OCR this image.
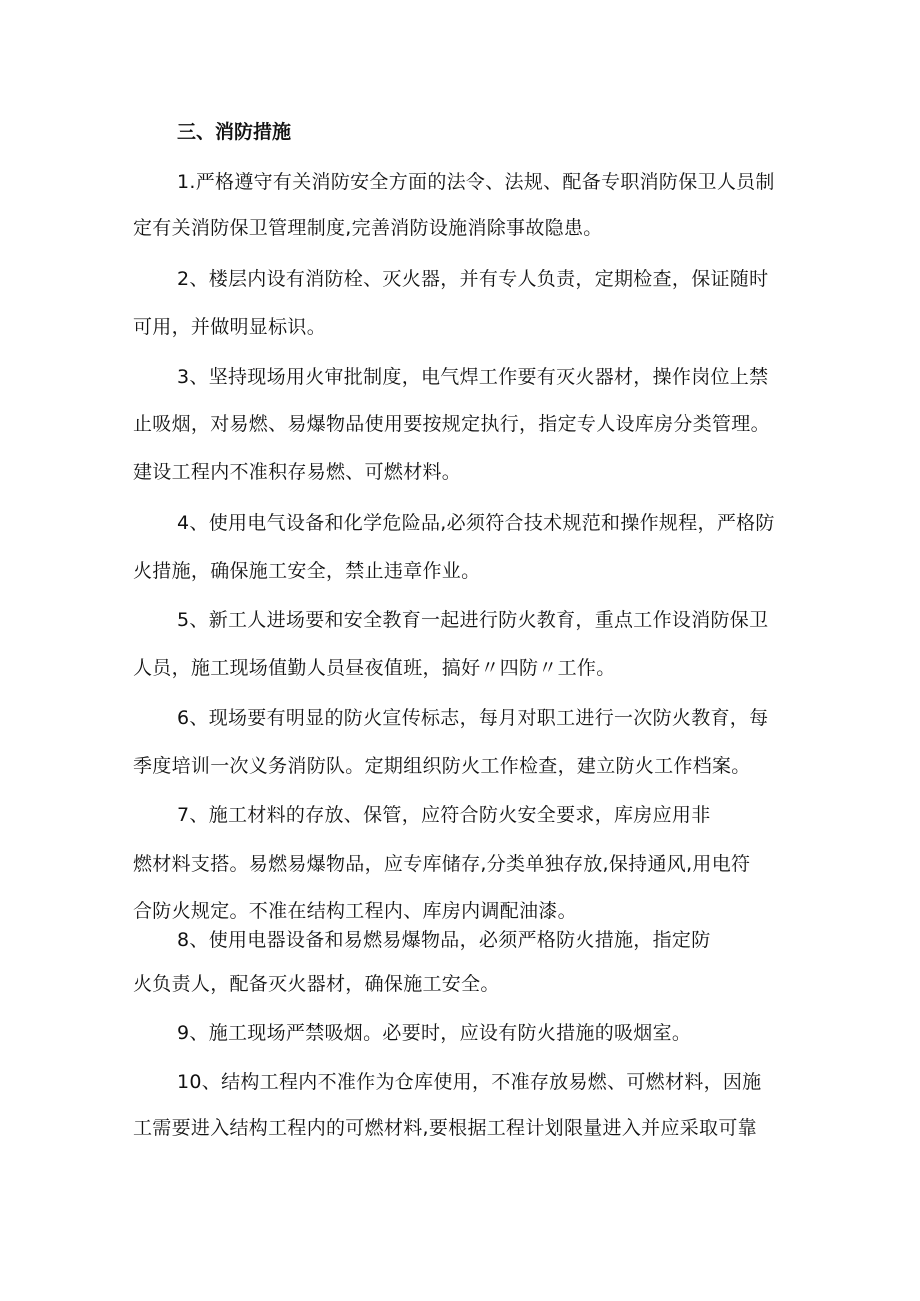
三、消防措施
1.严格遵守有关消防安全方面的法令、法规、配备专职消防保卫人员制
定有关消防保卫管理制度,完善消防设施消除事故隐患。
2、楼层内设有消防栓、灭火器，并有专人负责，定期检查，保证随时
可用，并做明显标识。
3、坚持现场用火审批制度，电气焊工作要有灭火器材，操作岗位上禁
止吸烟，对易燃、易爆物品使用要按规定执行，指定专人设库房分类管理。
建设工程内不准积存易燃、可燃材料。
4、使用电气设备和化学危险品,必须符合技术规范和操作规程，严格防
火措施，确保施工安全，禁止违章作业。
5、新工人进场要和安全教育一起进行防火教育，重点工作设消防保卫
人员，施工现场值勤人员昼夜值班，搞好〃四防〃工作。
6、现场要有明显的防火宣传标志，每月对职工进行一次防火教育，每
季度培训一次义务消防队。定期组织防火工作检查，建立防火工作档案。
7、施工材料的存放、保管，应符合防火安全要求，库房应用非
燃材料支搭。易燃易爆物品，应专库储存,分类单独存放,保持通风,用电符
合防火规定。不准在结构工程内、库房内调配油漆。
8、使用电器设备和易燃易爆物品，必须严格防火措施，指定防
火负责人，配备灭火器材，确保施工安全。
9、施工现场严禁吸烟。必要时，应设有防火措施的吸烟室。
10、结构工程内不准作为仓库使用，不准存放易燃、可燃材料，因施
工需要进入结构工程内的可燃材料,要根据工程计划限量进入并应采取可靠
